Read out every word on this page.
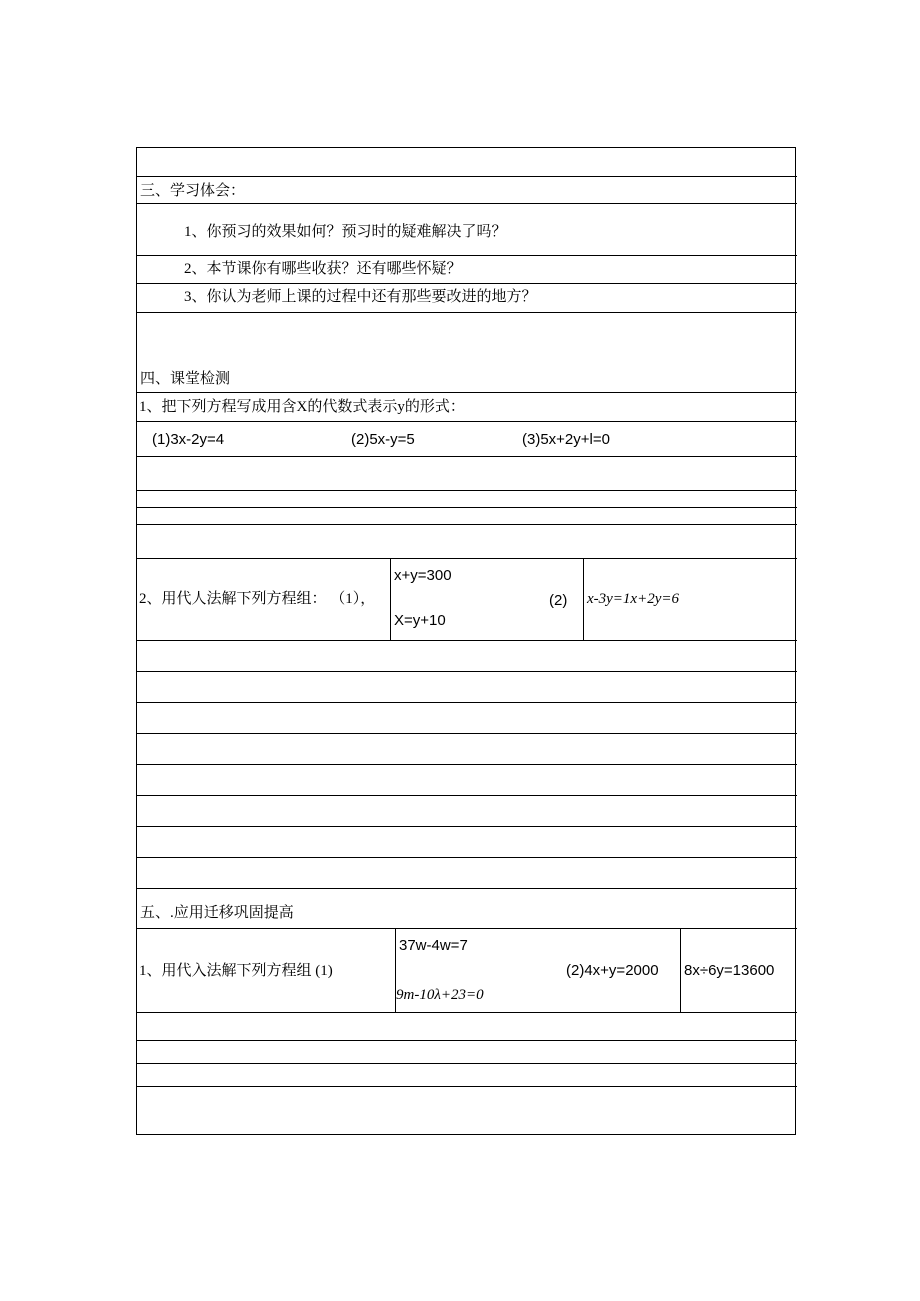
三、学习体会：
1、你预习的效果如何？预习时的疑难解决了吗？
2、本节课你有哪些收获？还有哪些怀疑？
3、你认为老师上课的过程中还有那些要改进的地方？
四、课堂检测
1、把下列方程写成用含X的代数式表示y的形式：
(1)3x-2y=4	(2)5x-y=5	(3)5x+2y+l=0
2、用代人法解下列方程组： （1），
x+y=300
X=y+10
(2) x-3y=1x+2y=6
五、.应用迁移巩固提高
1、用代入法解下列方程组 (1)
37w-4w=7
9m-10λ+23=0
(2)4x+y=2000 8x÷6y=13600
